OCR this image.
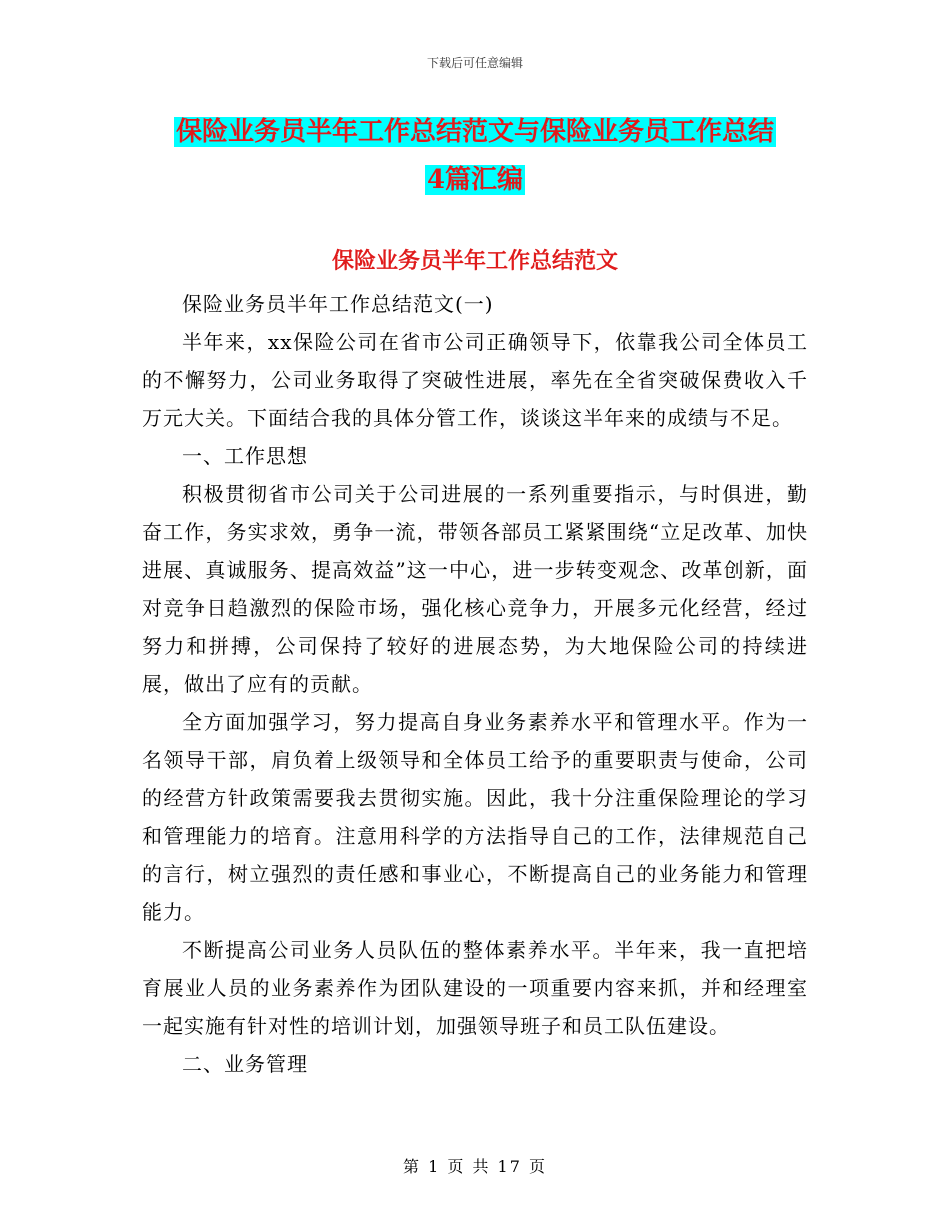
下载后可任意编辑
保险业务员半年工作总结范文与保险业务员工作总结
4篇汇编
保险业务员半年工作总结范文

保险业务员半年工作总结范文(一)

半年来，xx保险公司在省市公司正确领导下，依靠我公司全体员工的不懈努力，公司业务取得了突破性进展，率先在全省突破保费收入千万元大关。下面结合我的具体分管工作，谈谈这半年来的成绩与不足。

一、工作思想

积极贯彻省市公司关于公司进展的一系列重要指示，与时俱进，勤奋工作，务实求效，勇争一流，带领各部员工紧紧围绕“立足改革、加快进展、真诚服务、提高效益”这一中心，进一步转变观念、改革创新，面对竞争日趋激烈的保险市场，强化核心竞争力，开展多元化经营，经过努力和拼搏，公司保持了较好的进展态势，为大地保险公司的持续进展，做出了应有的贡献。

全方面加强学习，努力提高自身业务素养水平和管理水平。作为一名领导干部，肩负着上级领导和全体员工给予的重要职责与使命，公司的经营方针政策需要我去贯彻实施。因此，我十分注重保险理论的学习和管理能力的培育。注意用科学的方法指导自己的工作，法律规范自己的言行，树立强烈的责任感和事业心，不断提高自己的业务能力和管理能力。

不断提高公司业务人员队伍的整体素养水平。半年来，我一直把培育展业人员的业务素养作为团队建设的一项重要内容来抓，并和经理室一起实施有针对性的培训计划，加强领导班子和员工队伍建设。

二、业务管理

第 1 页 共 17 页
